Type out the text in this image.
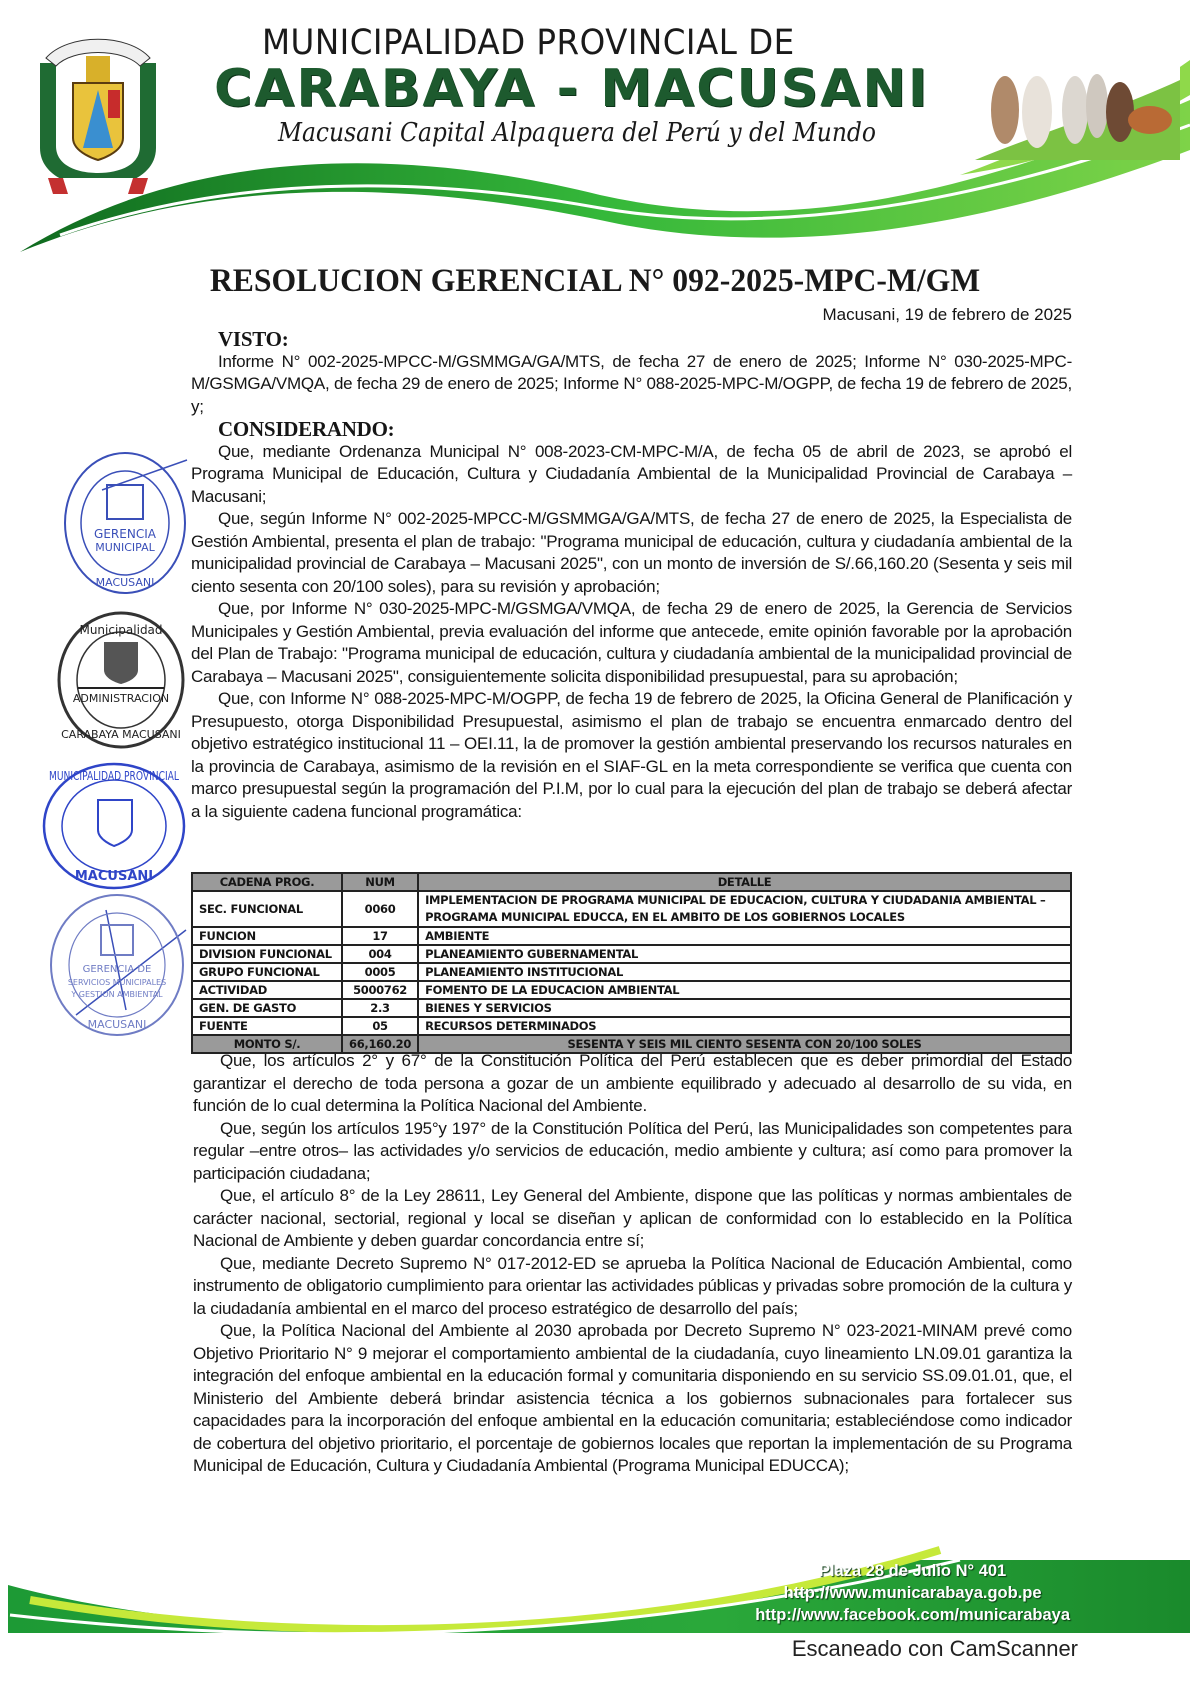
MUNICIPALIDAD PROVINCIAL DE
CARABAYA - MACUSANI
Macusani Capital Alpaquera del Perú y del Mundo
RESOLUCION GERENCIAL N° 092-2025-MPC-M/GM
Macusani, 19 de febrero de 2025
GERENCIA
MUNICIPAL
MACUSANI
ADMINISTRACION
Municipalidad
CARABAYA MACUSANI
MUNICIPALIDAD PROVINCIAL
MACUSANI
GERENCIA DE
SERVICIOS MUNICIPALES
Y GESTION AMBIENTAL
MACUSANI
VISTO:

Informe N° 002-2025-MPCC-M/GSMMGA/GA/MTS, de fecha 27 de enero de 2025; Informe N° 030-2025-MPC-M/GSMGA/VMQA, de fecha 29 de enero de 2025; Informe N° 088-2025-MPC-M/OGPP, de fecha 19 de febrero de 2025, y;

CONSIDERANDO:

Que, mediante Ordenanza Municipal N° 008-2023-CM-MPC-M/A, de fecha 05 de abril de 2023, se aprobó el Programa Municipal de Educación, Cultura y Ciudadanía Ambiental de la Municipalidad Provincial de Carabaya – Macusani;

Que, según Informe N° 002-2025-MPCC-M/GSMMGA/GA/MTS, de fecha 27 de enero de 2025, la Especialista de Gestión Ambiental, presenta el plan de trabajo: "Programa municipal de educación, cultura y ciudadanía ambiental de la municipalidad provincial de Carabaya – Macusani 2025", con un monto de inversión de S/.66,160.20 (Sesenta y seis mil ciento sesenta con 20/100 soles), para su revisión y aprobación;

Que, por Informe N° 030-2025-MPC-M/GSMGA/VMQA, de fecha 29 de enero de 2025, la Gerencia de Servicios Municipales y Gestión Ambiental, previa evaluación del informe que antecede, emite opinión favorable por la aprobación del Plan de Trabajo: "Programa municipal de educación, cultura y ciudadanía ambiental de la municipalidad provincial de Carabaya – Macusani 2025", consiguientemente solicita disponibilidad presupuestal, para su aprobación;

Que, con Informe N° 088-2025-MPC-M/OGPP, de fecha 19 de febrero de 2025, la Oficina General de Planificación y Presupuesto, otorga Disponibilidad Presupuestal, asimismo el plan de trabajo se encuentra enmarcado dentro del objetivo estratégico institucional 11 – OEI.11, la de promover la gestión ambiental preservando los recursos naturales en la provincia de Carabaya, asimismo de la revisión en el SIAF-GL en la meta correspondiente se verifica que cuenta con marco presupuestal según la programación del P.I.M, por lo cual para la ejecución del plan de trabajo se deberá afectar a la siguiente cadena funcional programática:

CADENA PROG.	NUM	DETALLE
SEC. FUNCIONAL	0060	IMPLEMENTACION DE PROGRAMA MUNICIPAL DE EDUCACION, CULTURA Y CIUDADANIA AMBIENTAL – PROGRAMA MUNICIPAL EDUCCA, EN EL AMBITO DE LOS GOBIERNOS LOCALES
FUNCION	17	AMBIENTE
DIVISION FUNCIONAL	004	PLANEAMIENTO GUBERNAMENTAL
GRUPO FUNCIONAL	0005	PLANEAMIENTO INSTITUCIONAL
ACTIVIDAD	5000762	FOMENTO DE LA EDUCACION AMBIENTAL
GEN. DE GASTO	2.3	BIENES Y SERVICIOS
FUENTE	05	RECURSOS DETERMINADOS
MONTO S/.	66,160.20	SESENTA Y SEIS MIL CIENTO SESENTA CON 20/100 SOLES

Que, los artículos 2° y 67° de la Constitución Política del Perú establecen que es deber primordial del Estado garantizar el derecho de toda persona a gozar de un ambiente equilibrado y adecuado al desarrollo de su vida, en función de lo cual determina la Política Nacional del Ambiente.

Que, según los artículos 195°y 197° de la Constitución Política del Perú, las Municipalidades son competentes para regular –entre otros– las actividades y/o servicios de educación, medio ambiente y cultura; así como para promover la participación ciudadana;

Que, el artículo 8° de la Ley 28611, Ley General del Ambiente, dispone que las políticas y normas ambientales de carácter nacional, sectorial, regional y local se diseñan y aplican de conformidad con lo establecido en la Política Nacional de Ambiente y deben guardar concordancia entre sí;

Que, mediante Decreto Supremo N° 017-2012-ED se aprueba la Política Nacional de Educación Ambiental, como instrumento de obligatorio cumplimiento para orientar las actividades públicas y privadas sobre promoción de la cultura y la ciudadanía ambiental en el marco del proceso estratégico de desarrollo del país;

Que, la Política Nacional del Ambiente al 2030 aprobada por Decreto Supremo N° 023-2021-MINAM prevé como Objetivo Prioritario N° 9 mejorar el comportamiento ambiental de la ciudadanía, cuyo lineamiento LN.09.01 garantiza la integración del enfoque ambiental en la educación formal y comunitaria disponiendo en su servicio SS.09.01.01, que, el Ministerio del Ambiente deberá brindar asistencia técnica a los gobiernos subnacionales para fortalecer sus capacidades para la incorporación del enfoque ambiental en la educación comunitaria; estableciéndose como indicador de cobertura del objetivo prioritario, el porcentaje de gobiernos locales que reportan la implementación de su Programa Municipal de Educación, Cultura y Ciudadanía Ambiental (Programa Municipal EDUCCA);

Plaza 28 de Julio N° 401
http://www.municarabaya.gob.pe
http://www.facebook.com/municarabaya
Escaneado con CamScanner
